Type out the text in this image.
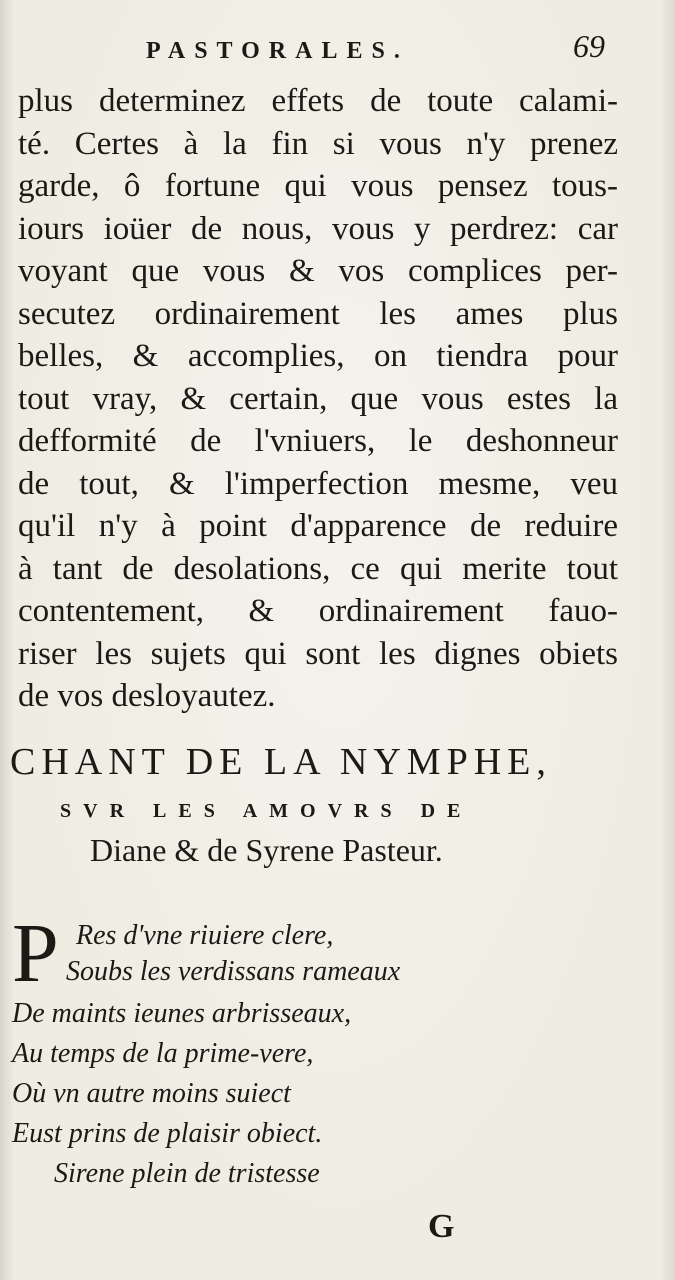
PASTORALES.	69
plus determinez effets de toute calami-
té. Certes à la fin si vous n'y prenez
garde, ô fortune qui vous pensez tous-
iours ioüer de nous, vous y perdrez: car
voyant que vous & vos complices per-
secutez ordinairement les ames plus
belles, & accomplies, on tiendra pour
tout vray, & certain, que vous estes la
defformité de l'vniuers, le deshonneur
de tout, & l'imperfection mesme, veu
qu'il n'y à point d'apparence de reduire
à tant de desolations, ce qui merite tout
contentement, & ordinairement fauo-
riser les sujets qui sont les dignes obiets
de vos desloyautez.
CHANT DE LA NYMPHE,
SVR LES AMOVRS DE
Diane & de Syrene Pasteur.
P Res d'vne riuiere clere,
Soubs les verdissans rameaux
De maints ieunes arbrisseaux,
Au temps de la prime-vere,
Où vn autre moins suiect
Eust prins de plaisir obiect.
Sirene plein de tristesse
G
